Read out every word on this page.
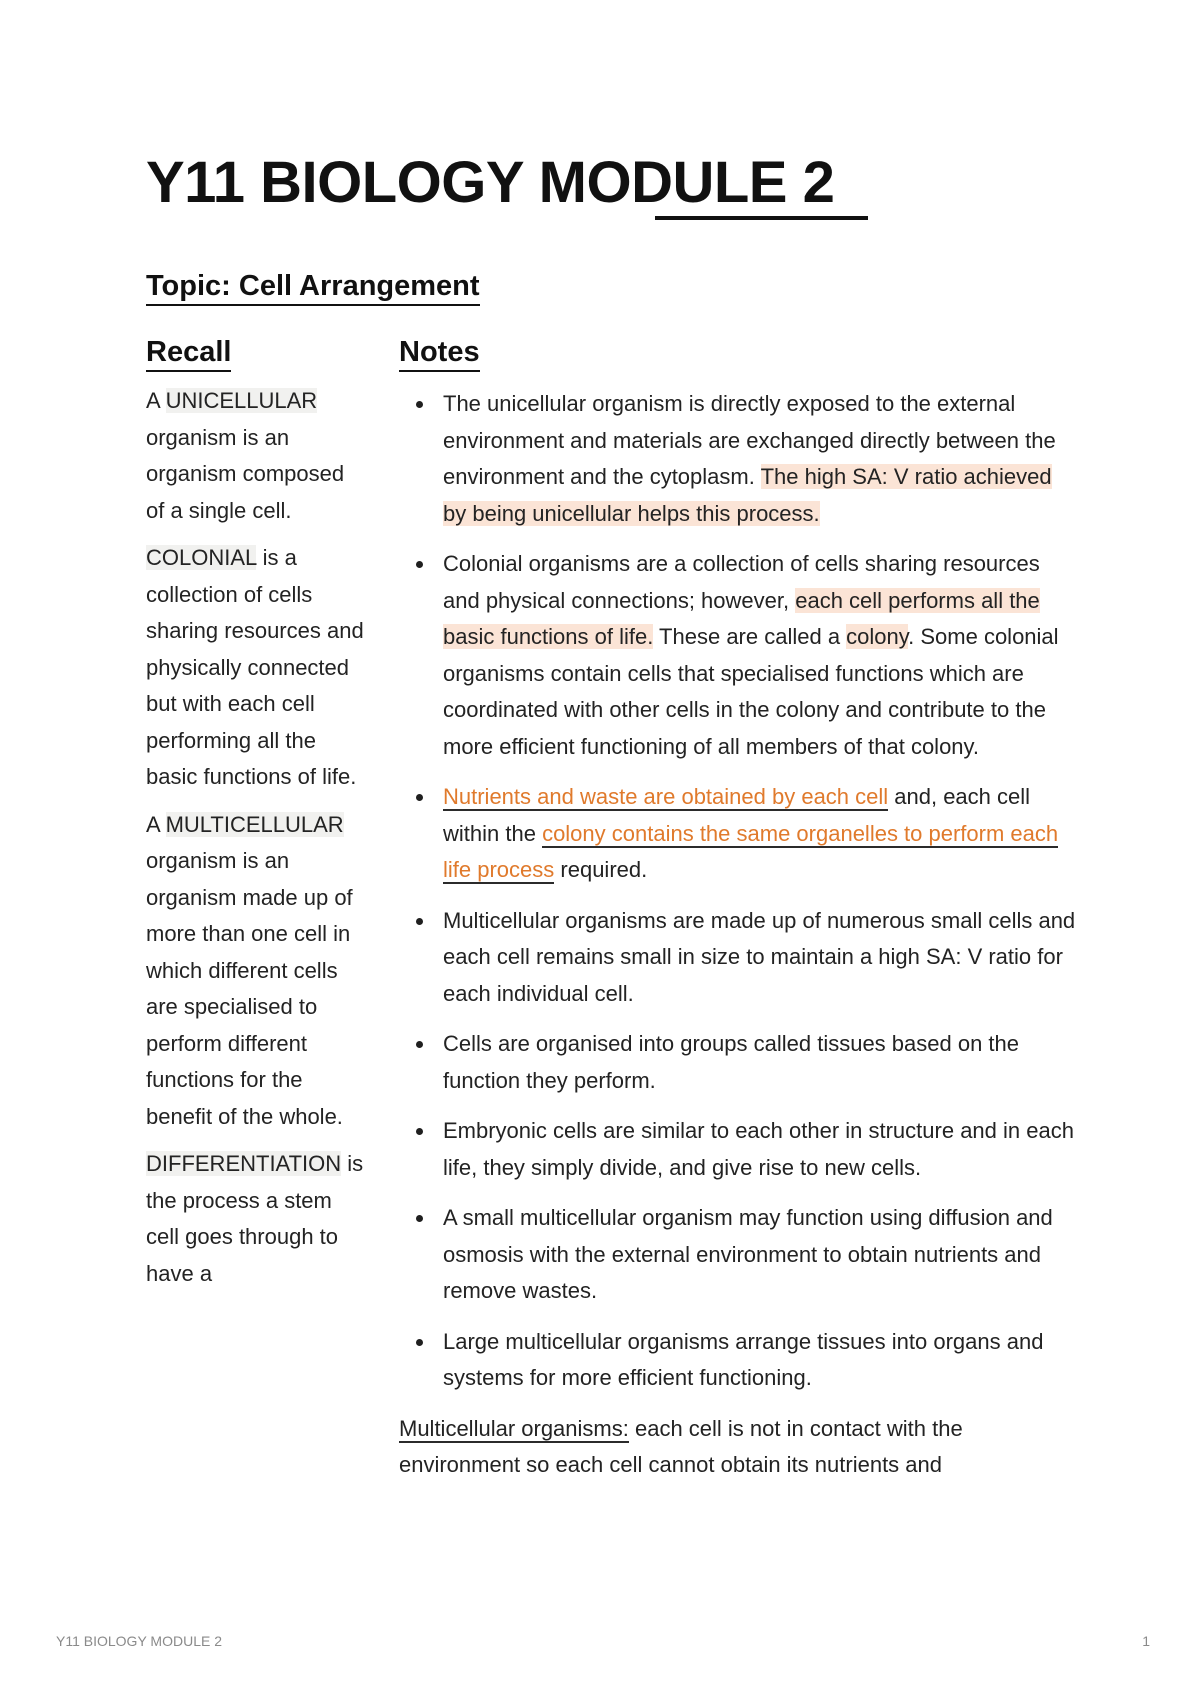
Y11 BIOLOGY MODULE 2
Topic: Cell Arrangement
Recall	Notes

A UNICELLULAR organism is an organism composed of a single cell.

COLONIAL is a collection of cells sharing resources and physically connected but with each cell performing all the basic functions of life.

A MULTICELLULAR organism is an organism made up of more than one cell in which different cells are specialised to perform different functions for the benefit of the whole.

DIFFERENTIATION is the process a stem cell goes through to have a

The unicellular organism is directly exposed to the external environment and materials are exchanged directly between the environment and the cytoplasm. The high SA: V ratio achieved by being unicellular helps this process.
Colonial organisms are a collection of cells sharing resources and physical connections; however, each cell performs all the basic functions of life. These are called a colony. Some colonial organisms contain cells that specialised functions which are coordinated with other cells in the colony and contribute to the more efficient functioning of all members of that colony.
Nutrients and waste are obtained by each cell and, each cell within the colony contains the same organelles to perform each life process required.
Multicellular organisms are made up of numerous small cells and each cell remains small in size to maintain a high SA: V ratio for each individual cell.
Cells are organised into groups called tissues based on the function they perform.
Embryonic cells are similar to each other in structure and in each life, they simply divide, and give rise to new cells.
A small multicellular organism may function using diffusion and osmosis with the external environment to obtain nutrients and remove wastes.
Large multicellular organisms arrange tissues into organs and systems for more efficient functioning.

Multicellular organisms: each cell is not in contact with the environment so each cell cannot obtain its nutrients and

Y11 BIOLOGY MODULE 2	1
